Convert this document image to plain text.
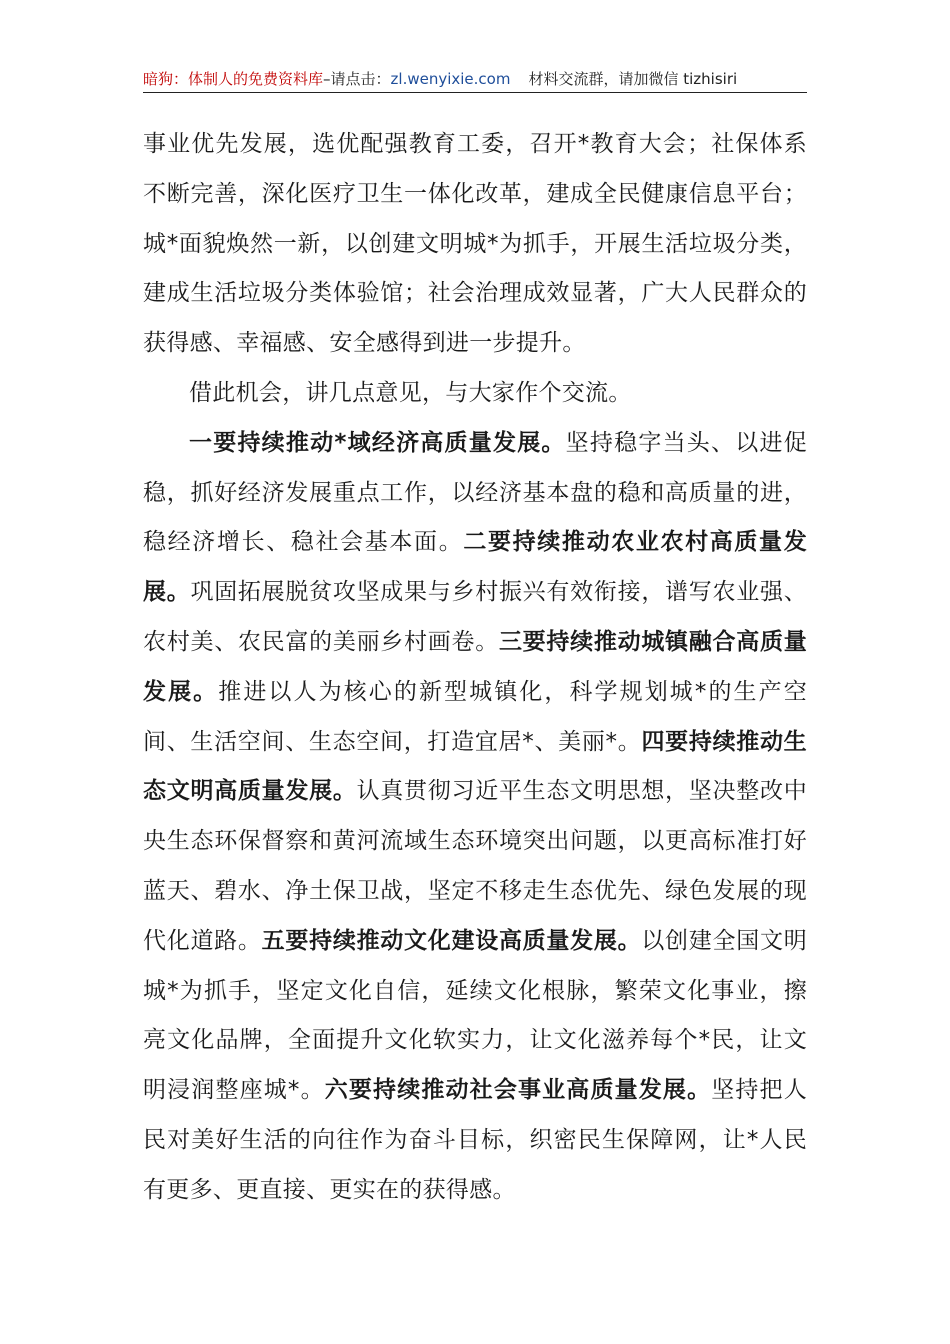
暗狗：体制人的免费资料库–请点击：zl.wenyixie.com 材料交流群，请加微信 tizhisiri

事业优先发展，选优配强教育工委，召开*教育大会；社保体系不断完善，深化医疗卫生一体化改革，建成全民健康信息平台；城*面貌焕然一新，以创建文明城*为抓手，开展生活垃圾分类，建成生活垃圾分类体验馆；社会治理成效显著，广大人民群众的获得感、幸福感、安全感得到进一步提升。

借此机会，讲几点意见，与大家作个交流。

一要持续推动*域经济高质量发展。坚持稳字当头、以进促稳，抓好经济发展重点工作，以经济基本盘的稳和高质量的进，稳经济增长、稳社会基本面。二要持续推动农业农村高质量发展。巩固拓展脱贫攻坚成果与乡村振兴有效衔接，谱写农业强、农村美、农民富的美丽乡村画卷。三要持续推动城镇融合高质量发展。推进以人为核心的新型城镇化，科学规划城*的生产空间、生活空间、生态空间，打造宜居*、美丽*。四要持续推动生态文明高质量发展。认真贯彻习近平生态文明思想，坚决整改中央生态环保督察和黄河流域生态环境突出问题，以更高标准打好蓝天、碧水、净土保卫战，坚定不移走生态优先、绿色发展的现代化道路。五要持续推动文化建设高质量发展。以创建全国文明城*为抓手，坚定文化自信，延续文化根脉，繁荣文化事业，擦亮文化品牌，全面提升文化软实力，让文化滋养每个*民，让文明浸润整座城*。六要持续推动社会事业高质量发展。坚持把人民对美好生活的向往作为奋斗目标，织密民生保障网，让*人民有更多、更直接、更实在的获得感。
